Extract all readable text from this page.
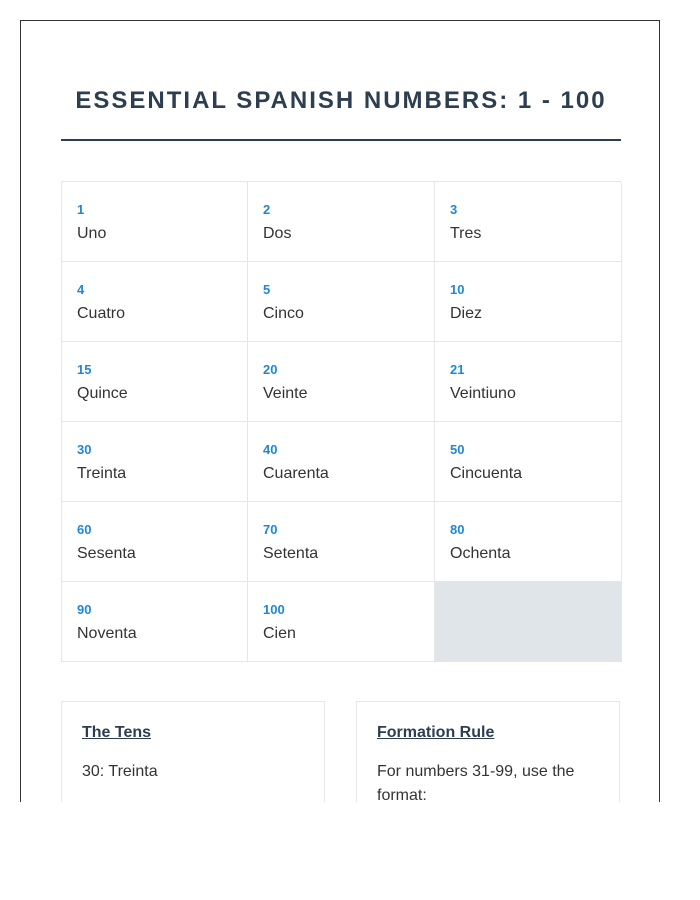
ESSENTIAL SPANISH NUMBERS: 1 - 100
1
Uno
2
Dos
3
Tres
4
Cuatro
5
Cinco
10
Diez
15
Quince
20
Veinte
21
Veintiuno
30
Treinta
40
Cuarenta
50
Cincuenta
60
Sesenta
70
Setenta
80
Ochenta
90
Noventa
100
Cien
The Tens
30: Treinta
Formation Rule
For numbers 31-99, use the format:
